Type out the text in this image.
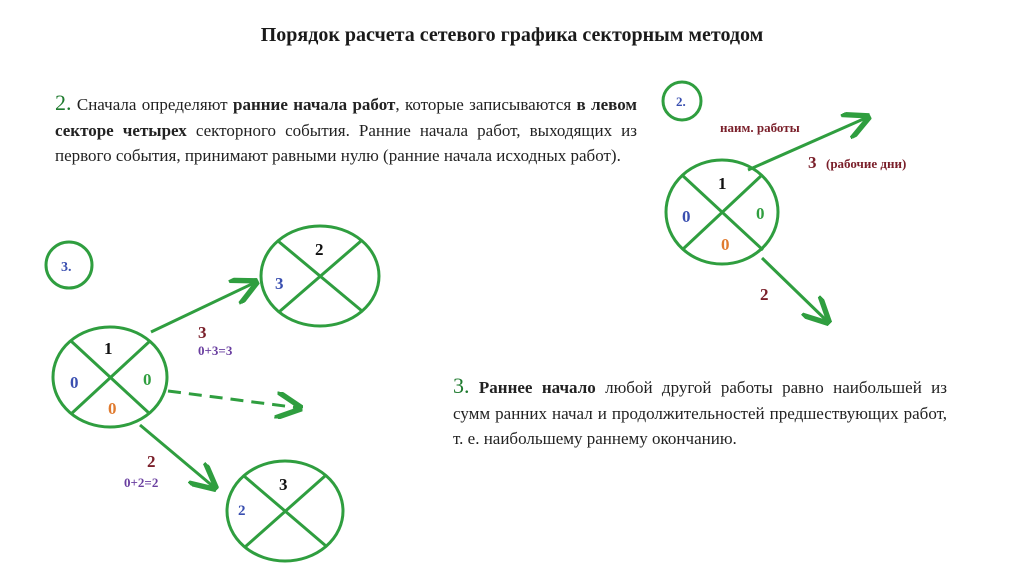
Порядок расчета сетевого графика секторным методом
2. Сначала определяют ранние начала работ, которые записываются в левом секторе четырех секторного события. Ранние начала работ, выходящих из первого события, принимают равными нулю (ранние начала исходных работ).
3. Раннее начало любой другой работы равно наибольшей из сумм ранних начал и продолжительностей предшествующих работ, т. е. наибольшему раннему окончанию.
2.
1
0	0
0
наим. работы
3 (рабочие дни)
2
3.
1
0	0
0
2
3
3
2
3
0+3=3
2
0+2=2
